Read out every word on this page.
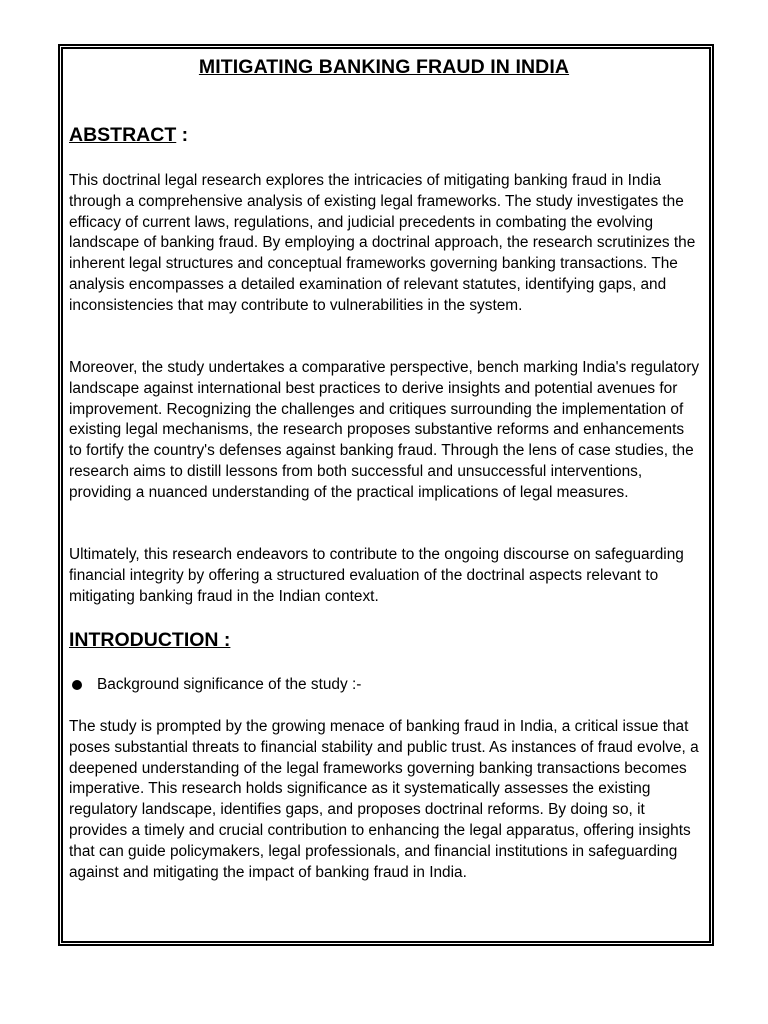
MITIGATING BANKING FRAUD IN INDIA
ABSTRACT :

This doctrinal legal research explores the intricacies of mitigating banking fraud in India through a comprehensive analysis of existing legal frameworks. The study investigates the efficacy of current laws, regulations, and judicial precedents in combating the evolving landscape of banking fraud. By employing a doctrinal approach, the research scrutinizes the inherent legal structures and conceptual frameworks governing banking transactions. The analysis encompasses a detailed examination of relevant statutes, identifying gaps, and inconsistencies that may contribute to vulnerabilities in the system.

Moreover, the study undertakes a comparative perspective, bench marking India's regulatory landscape against international best practices to derive insights and potential avenues for improvement. Recognizing the challenges and critiques surrounding the implementation of existing legal mechanisms, the research proposes substantive reforms and enhancements to fortify the country's defenses against banking fraud. Through the lens of case studies, the research aims to distill lessons from both successful and unsuccessful interventions, providing a nuanced understanding of the practical implications of legal measures.

Ultimately, this research endeavors to contribute to the ongoing discourse on safeguarding financial integrity by offering a structured evaluation of the doctrinal aspects relevant to mitigating banking fraud in the Indian context.

INTRODUCTION :
Background significance of the study :-

The study is prompted by the growing menace of banking fraud in India, a critical issue that poses substantial threats to financial stability and public trust. As instances of fraud evolve, a deepened understanding of the legal frameworks governing banking transactions becomes imperative. This research holds significance as it systematically assesses the existing regulatory landscape, identifies gaps, and proposes doctrinal reforms. By doing so, it provides a timely and crucial contribution to enhancing the legal apparatus, offering insights that can guide policymakers, legal professionals, and financial institutions in safeguarding against and mitigating the impact of banking fraud in India.
